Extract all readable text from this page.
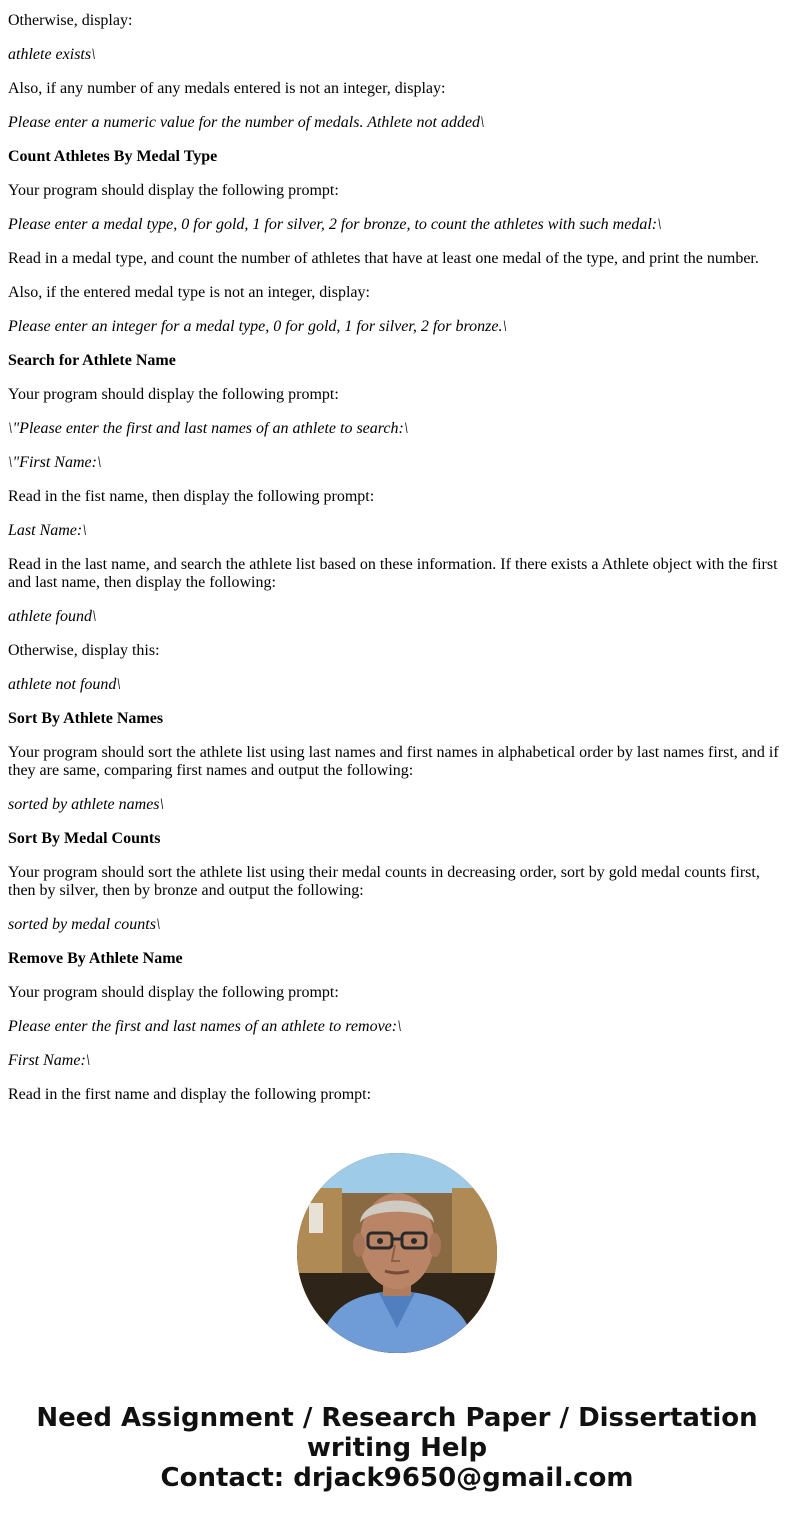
Otherwise, display:

athlete exists\

Also, if any number of any medals entered is not an integer, display:

Please enter a numeric value for the number of medals. Athlete not added\

Count Athletes By Medal Type

Your program should display the following prompt:

Please enter a medal type, 0 for gold, 1 for silver, 2 for bronze, to count the athletes with such medal:\

Read in a medal type, and count the number of athletes that have at least one medal of the type, and print the number.

Also, if the entered medal type is not an integer, display:

Please enter an integer for a medal type, 0 for gold, 1 for silver, 2 for bronze.\

Search for Athlete Name

Your program should display the following prompt:

\"Please enter the first and last names of an athlete to search:\

\"First Name:\

Read in the fist name, then display the following prompt:

Last Name:\

Read in the last name, and search the athlete list based on these information. If there exists a Athlete object with the first and last name, then display the following:

athlete found\

Otherwise, display this:

athlete not found\

Sort By Athlete Names

Your program should sort the athlete list using last names and first names in alphabetical order by last names first, and if they are same, comparing first names and output the following:

sorted by athlete names\

Sort By Medal Counts

Your program should sort the athlete list using their medal counts in decreasing order, sort by gold medal counts first, then by silver, then by bronze and output the following:

sorted by medal counts\

Remove By Athlete Name

Your program should display the following prompt:

Please enter the first and last names of an athlete to remove:\

First Name:\

Read in the first name and display the following prompt:

Need Assignment / Research Paper / Dissertation
writing Help
Contact: drjack9650@gmail.com
